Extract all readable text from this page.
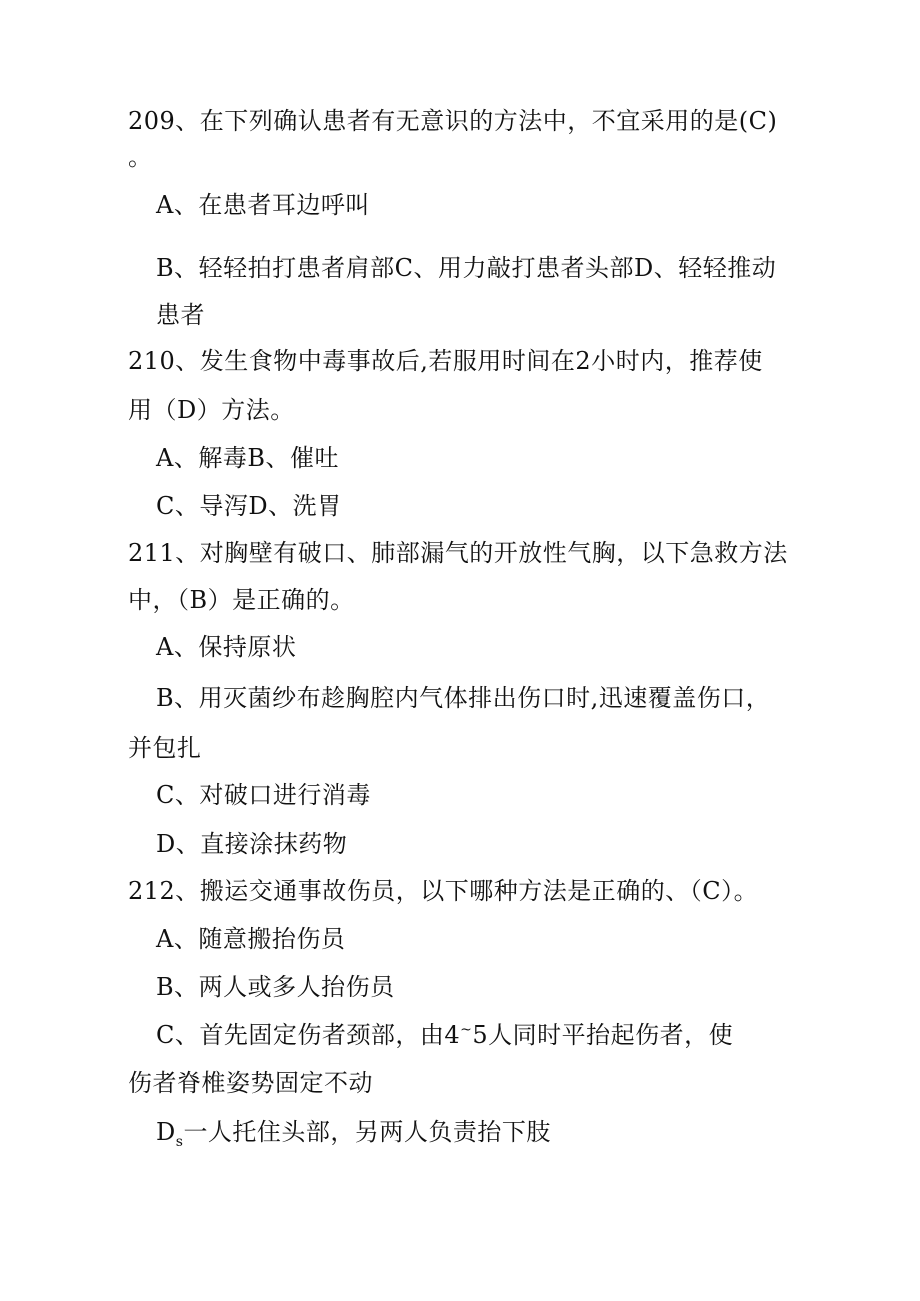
209、在下列确认患者有无意识的方法中，不宜采用的是(C)
。
A、在患者耳边呼叫
B、轻轻拍打患者肩部C、用力敲打患者头部D、轻轻推动
患者
210、发生食物中毒事故后,若服用时间在2小时内，推荐使
用（D）方法。
A、解毒B、催吐
C、导泻D、洗胃
211、对胸壁有破口、肺部漏气的开放性气胸，以下急救方法
中，（B）是正确的。
A、保持原状
B、用灭菌纱布趁胸腔内气体排出伤口时,迅速覆盖伤口，
并包扎
C、对破口进行消毒
D、直接涂抹药物
212、搬运交通事故伤员，以下哪种方法是正确的、（C）。
A、随意搬抬伤员
B、两人或多人抬伤员
C、首先固定伤者颈部，由4~5人同时平抬起伤者，使
伤者脊椎姿势固定不动
$D_s$一人托住头部，另两人负责抬下肢
